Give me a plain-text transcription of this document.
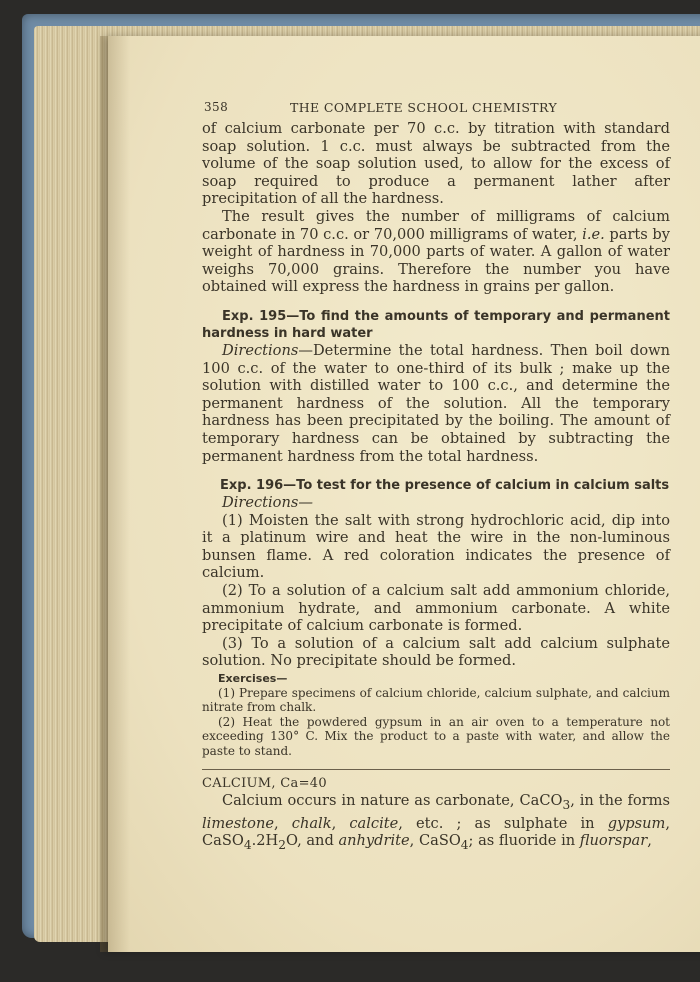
358	THE COMPLETE SCHOOL CHEMISTRY

of calcium carbonate per 70 c.c. by titration with standard soap solution. 1 c.c. must always be subtracted from the volume of the soap solution used, to allow for the excess of soap required to produce a permanent lather after precipitation of all the hardness.

The result gives the number of milligrams of calcium carbonate in 70 c.c. or 70,000 milligrams of water, i.e. parts by weight of hardness in 70,000 parts of water. A gallon of water weighs 70,000 grains. Therefore the number you have obtained will express the hardness in grains per gallon.

Exp. 195—To find the amounts of temporary and permanent hardness in hard water

Directions—Determine the total hardness. Then boil down 100 c.c. of the water to one-third of its bulk ; make up the solution with distilled water to 100 c.c., and determine the permanent hardness of the solution. All the temporary hardness has been precipitated by the boiling. The amount of temporary hardness can be obtained by subtracting the permanent hardness from the total hardness.

Exp. 196—To test for the presence of calcium in calcium salts

Directions—

(1) Moisten the salt with strong hydrochloric acid, dip into it a platinum wire and heat the wire in the non-luminous bunsen flame. A red coloration indicates the presence of calcium.

(2) To a solution of a calcium salt add ammonium chloride, ammonium hydrate, and ammonium carbonate. A white precipitate of calcium carbonate is formed.

(3) To a solution of a calcium salt add calcium sulphate solution. No precipitate should be formed.

Exercises—

(1) Prepare specimens of calcium chloride, calcium sulphate, and calcium nitrate from chalk.

(2) Heat the powdered gypsum in an air oven to a temperature not exceeding 130° C. Mix the product to a paste with water, and allow the paste to stand.

CALCIUM, Ca=40

Calcium occurs in nature as carbonate, CaCO$_3$, in the forms limestone, chalk, calcite, etc. ; as sulphate in gypsum, $CaSO_4.2H_2O$, and anhydrite, CaSO$_4$; as fluoride in fluorspar,
